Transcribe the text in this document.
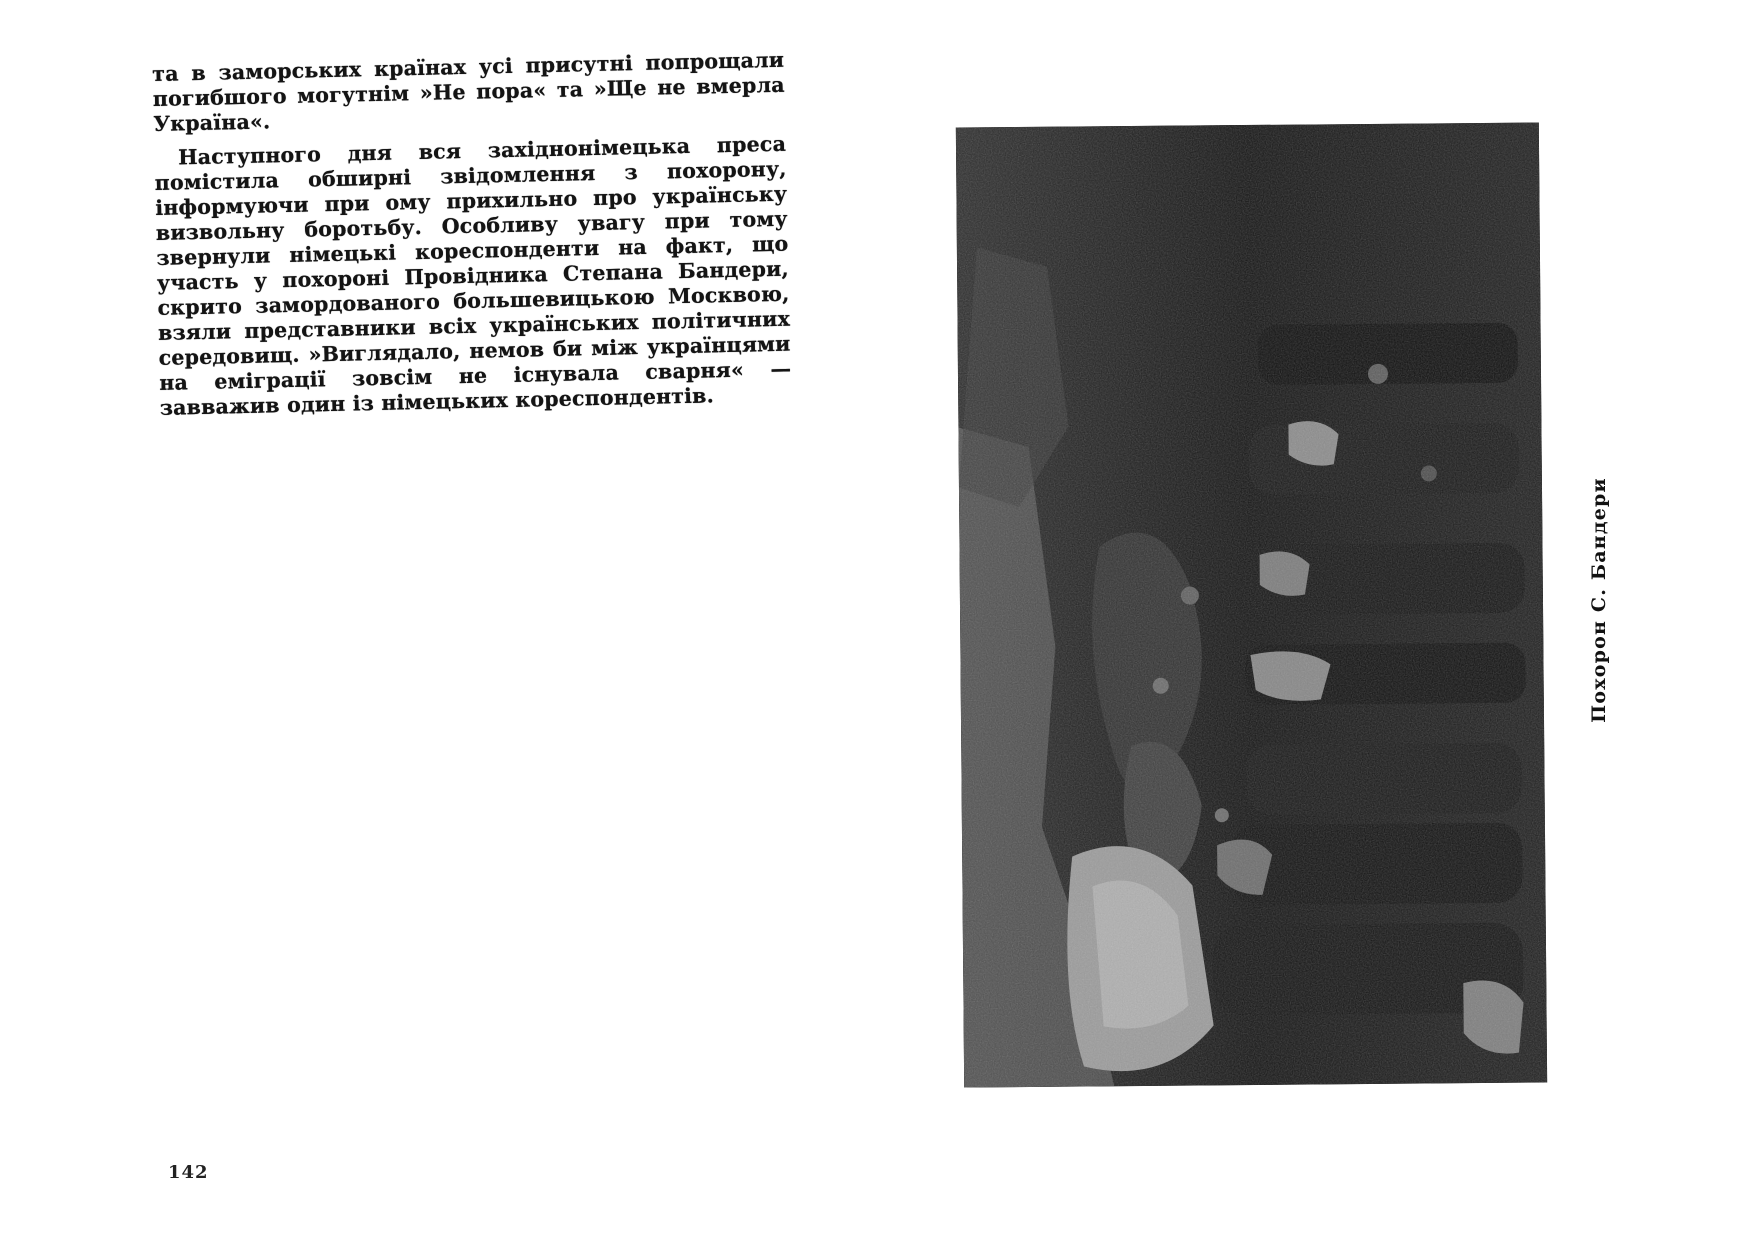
та в заморських країнах усі присутні попрощали погибшого могутнім »Не пора« та »Ще не вмерла Україна«.

Наступного дня вся західнонімецька преса помістила обширні звідомлення з похорону, інформуючи при ому прихильно про українську визвольну боротьбу. Особливу увагу при тому звернули німецькі кореспонденти на факт, що участь у похороні Провідника Степана Бандери, скрито замордованого большевицькою Москвою, взяли представники всіх українських політичних середовищ. »Виглядало, немов би між українцями на еміграції зовсім не існувала сварня« — завважив один із німецьких кореспондентів.

142
Похорон С. Бандери
